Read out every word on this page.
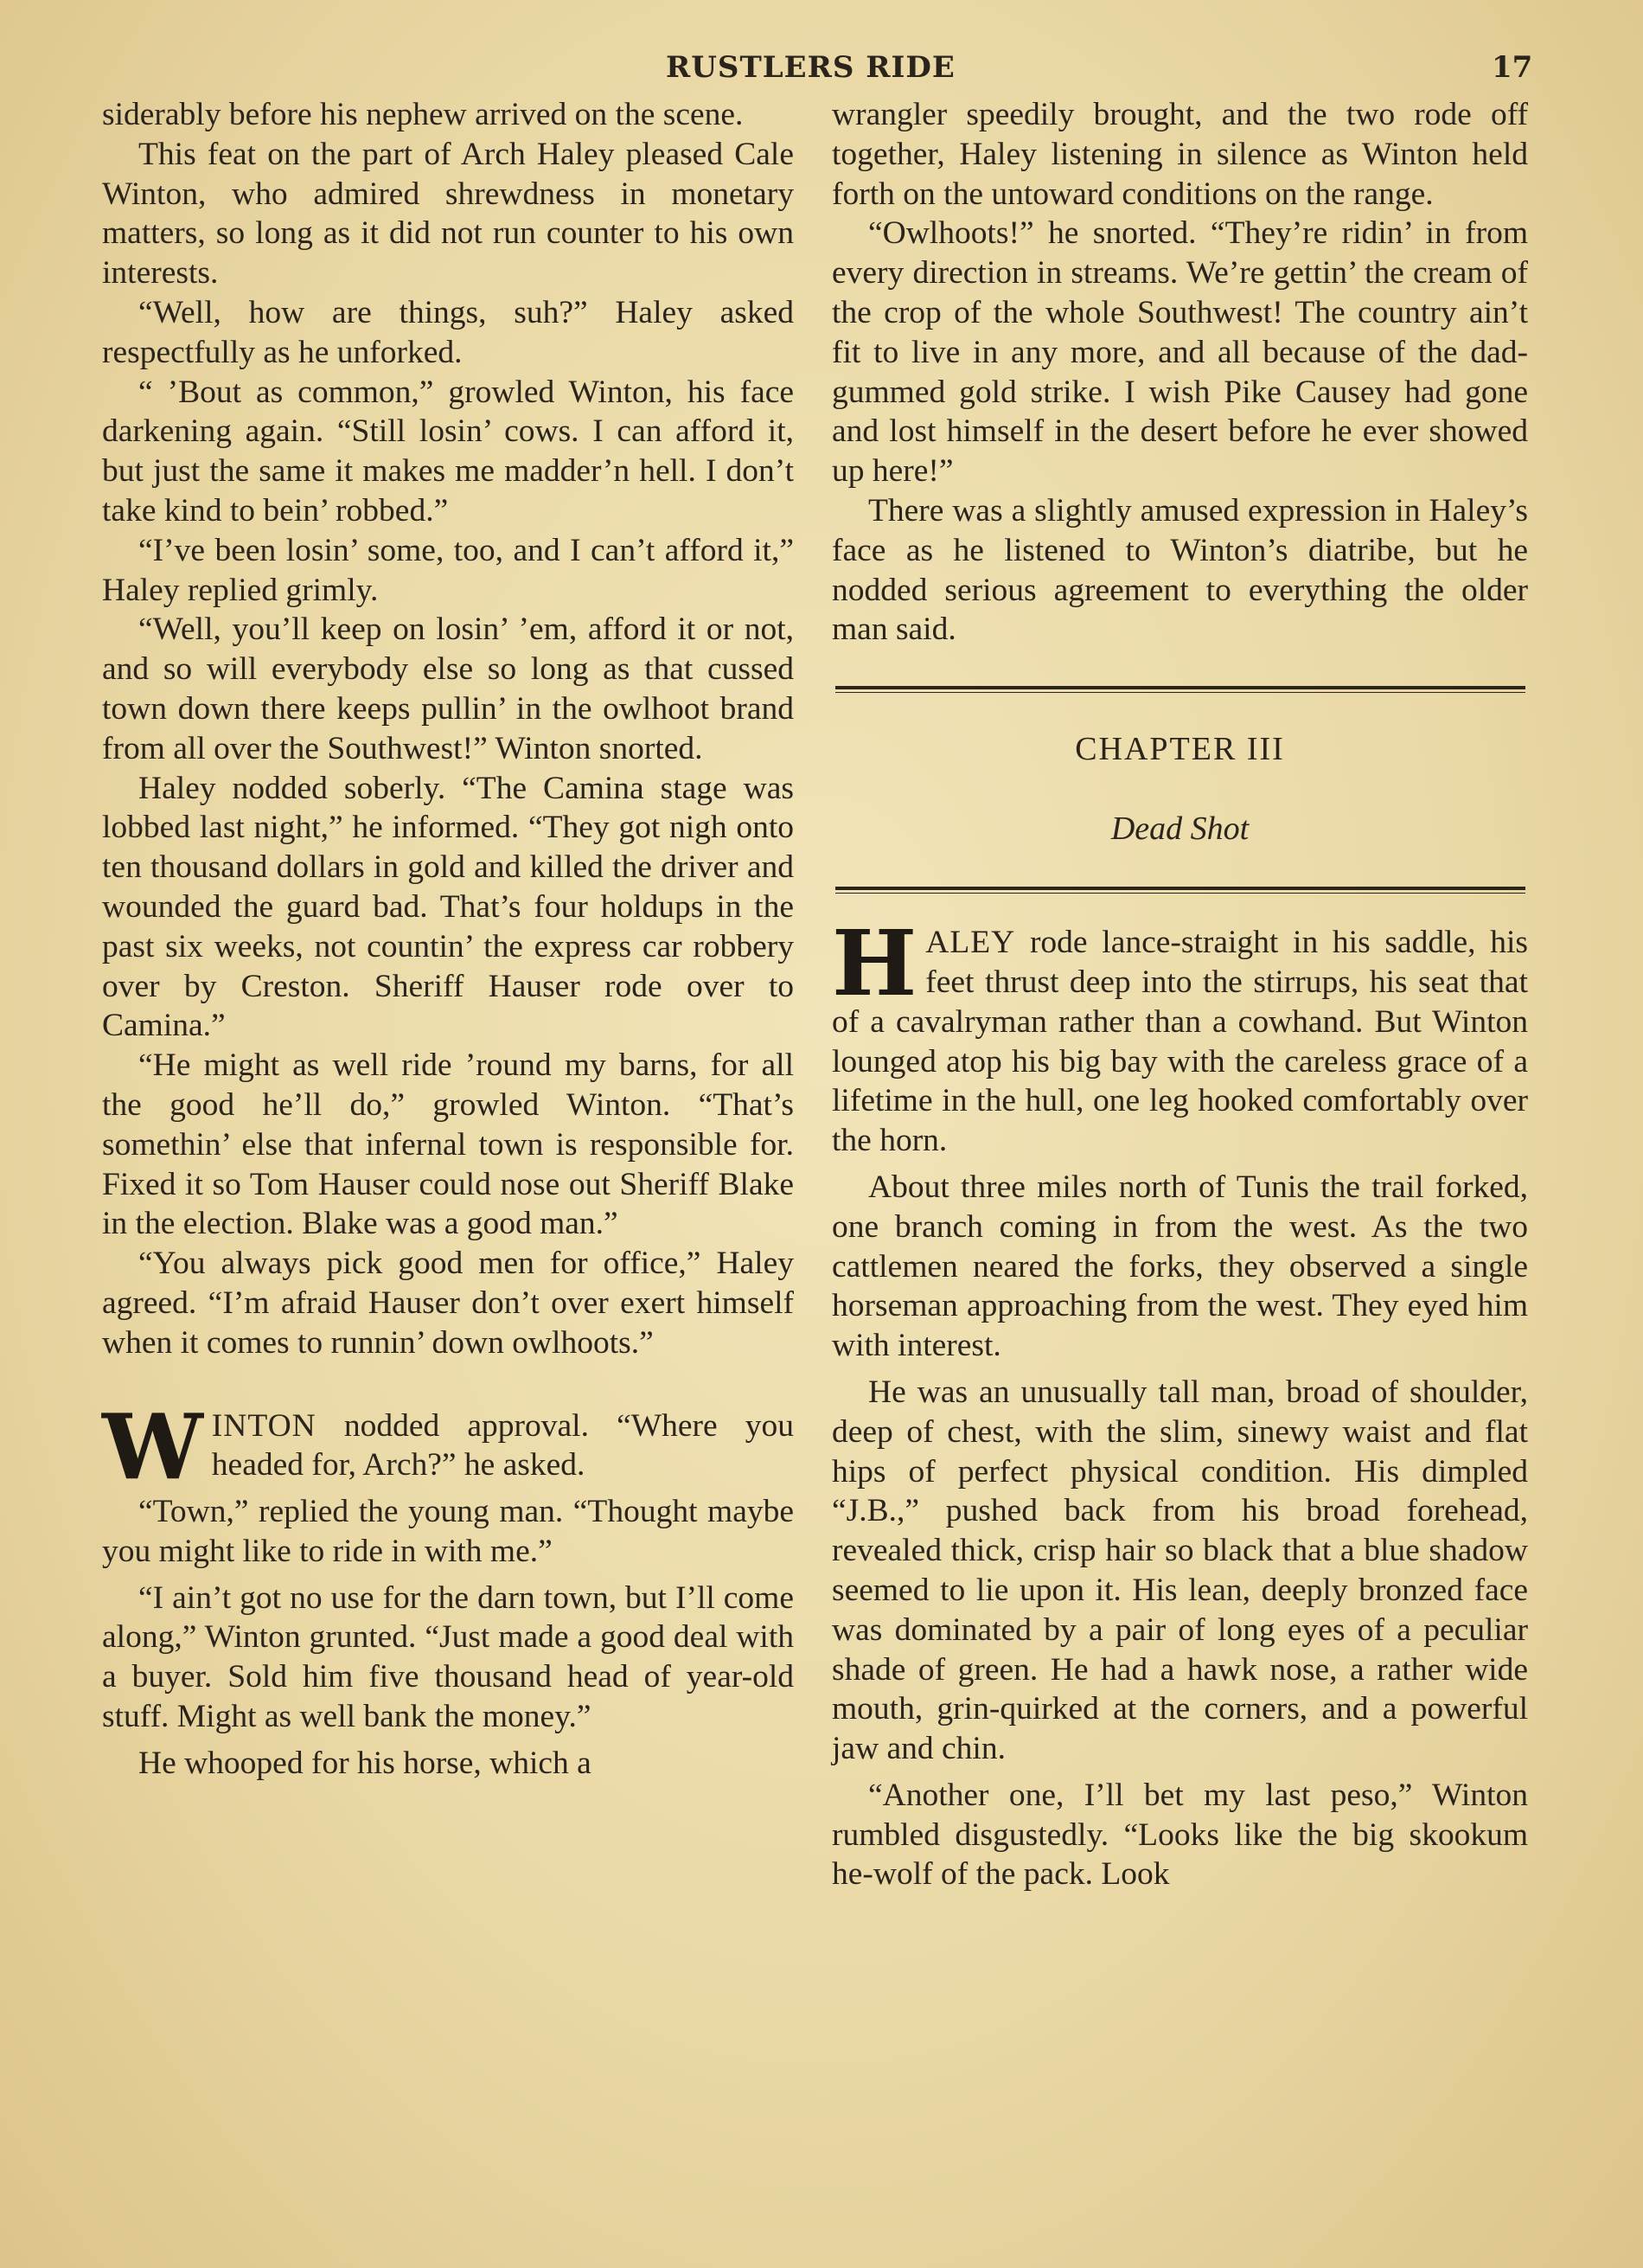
RUSTLERS RIDE	17

siderably before his nephew arrived on the scene.

This feat on the part of Arch Haley pleased Cale Winton, who admired shrewdness in monetary matters, so long as it did not run counter to his own interests.

“Well, how are things, suh?” Haley asked respectfully as he unforked.

“ ’Bout as common,” growled Winton, his face darkening again. “Still losin’ cows. I can afford it, but just the same it makes me madder’n hell. I don’t take kind to bein’ robbed.”

“I’ve been losin’ some, too, and I can’t afford it,” Haley replied grimly.

“Well, you’ll keep on losin’ ’em, afford it or not, and so will everybody else so long as that cussed town down there keeps pullin’ in the owlhoot brand from all over the Southwest!” Winton snorted.

Haley nodded soberly. “The Camina stage was lobbed last night,” he informed. “They got nigh onto ten thousand dollars in gold and killed the driver and wounded the guard bad. That’s four holdups in the past six weeks, not countin’ the express car robbery over by Creston. Sheriff Hauser rode over to Camina.”

“He might as well ride ’round my barns, for all the good he’ll do,” growled Winton. “That’s somethin’ else that infernal town is responsible for. Fixed it so Tom Hauser could nose out Sheriff Blake in the election. Blake was a good man.”

“You always pick good men for office,” Haley agreed. “I’m afraid Hauser don’t over exert himself when it comes to runnin’ down owlhoots.”

WINTON nodded approval. “Where you headed for, Arch?” he asked.

“Town,” replied the young man. “Thought maybe you might like to ride in with me.”

“I ain’t got no use for the darn town, but I’ll come along,” Winton grunted. “Just made a good deal with a buyer. Sold him five thousand head of year-old stuff. Might as well bank the money.”

He whooped for his horse, which a

wrangler speedily brought, and the two rode off together, Haley listening in silence as Winton held forth on the untoward conditions on the range.

“Owlhoots!” he snorted. “They’re ridin’ in from every direction in streams. We’re gettin’ the cream of the crop of the whole Southwest! The country ain’t fit to live in any more, and all because of the dad-gummed gold strike. I wish Pike Causey had gone and lost himself in the desert before he ever showed up here!”

There was a slightly amused expression in Haley’s face as he listened to Winton’s diatribe, but he nodded serious agreement to everything the older man said.

CHAPTER III
Dead Shot

HALEY rode lance-straight in his saddle, his feet thrust deep into the stirrups, his seat that of a cavalryman rather than a cowhand. But Winton lounged atop his big bay with the careless grace of a lifetime in the hull, one leg hooked comfortably over the horn.

About three miles north of Tunis the trail forked, one branch coming in from the west. As the two cattlemen neared the forks, they observed a single horseman approaching from the west. They eyed him with interest.

He was an unusually tall man, broad of shoulder, deep of chest, with the slim, sinewy waist and flat hips of perfect physical condition. His dimpled “J.B.,” pushed back from his broad forehead, revealed thick, crisp hair so black that a blue shadow seemed to lie upon it. His lean, deeply bronzed face was dominated by a pair of long eyes of a peculiar shade of green. He had a hawk nose, a rather wide mouth, grin-quirked at the corners, and a powerful jaw and chin.

“Another one, I’ll bet my last peso,” Winton rumbled disgustedly. “Looks like the big skookum he-wolf of the pack. Look
